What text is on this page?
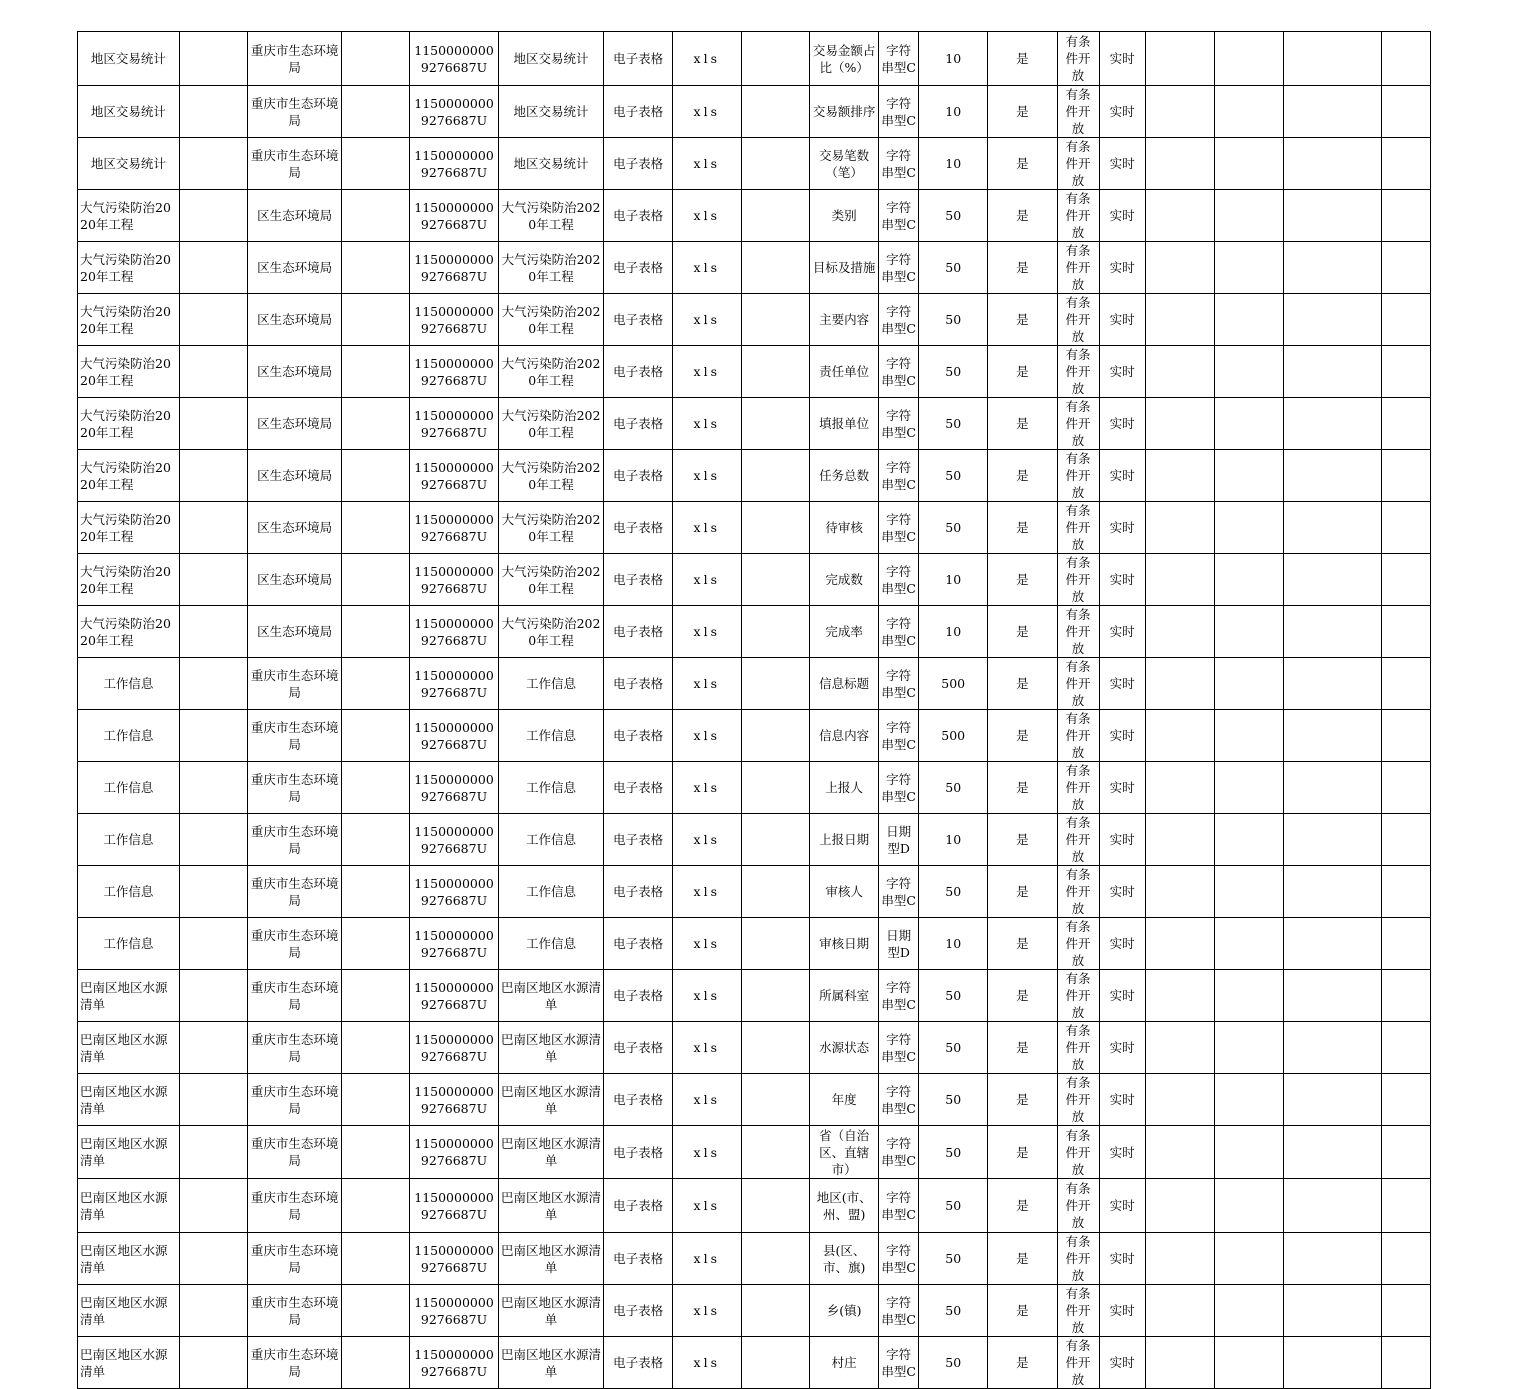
地区交易统计		重庆市生态环境局		11500000009276687U	地区交易统计	电子表格	xls		交易金额占比（%）	字符串型C	10	是	有条件开放	实时				
地区交易统计		重庆市生态环境局		11500000009276687U	地区交易统计	电子表格	xls		交易额排序	字符串型C	10	是	有条件开放	实时				
地区交易统计		重庆市生态环境局		11500000009276687U	地区交易统计	电子表格	xls		交易笔数（笔）	字符串型C	10	是	有条件开放	实时				
大气污染防治2020年工程		区生态环境局		11500000009276687U	大气污染防治2020年工程	电子表格	xls		类别	字符串型C	50	是	有条件开放	实时				
大气污染防治2020年工程		区生态环境局		11500000009276687U	大气污染防治2020年工程	电子表格	xls		目标及措施	字符串型C	50	是	有条件开放	实时				
大气污染防治2020年工程		区生态环境局		11500000009276687U	大气污染防治2020年工程	电子表格	xls		主要内容	字符串型C	50	是	有条件开放	实时				
大气污染防治2020年工程		区生态环境局		11500000009276687U	大气污染防治2020年工程	电子表格	xls		责任单位	字符串型C	50	是	有条件开放	实时				
大气污染防治2020年工程		区生态环境局		11500000009276687U	大气污染防治2020年工程	电子表格	xls		填报单位	字符串型C	50	是	有条件开放	实时				
大气污染防治2020年工程		区生态环境局		11500000009276687U	大气污染防治2020年工程	电子表格	xls		任务总数	字符串型C	50	是	有条件开放	实时				
大气污染防治2020年工程		区生态环境局		11500000009276687U	大气污染防治2020年工程	电子表格	xls		待审核	字符串型C	50	是	有条件开放	实时				
大气污染防治2020年工程		区生态环境局		11500000009276687U	大气污染防治2020年工程	电子表格	xls		完成数	字符串型C	10	是	有条件开放	实时				
大气污染防治2020年工程		区生态环境局		11500000009276687U	大气污染防治2020年工程	电子表格	xls		完成率	字符串型C	10	是	有条件开放	实时				
工作信息		重庆市生态环境局		11500000009276687U	工作信息	电子表格	xls		信息标题	字符串型C	500	是	有条件开放	实时				
工作信息		重庆市生态环境局		11500000009276687U	工作信息	电子表格	xls		信息内容	字符串型C	500	是	有条件开放	实时				
工作信息		重庆市生态环境局		11500000009276687U	工作信息	电子表格	xls		上报人	字符串型C	50	是	有条件开放	实时				
工作信息		重庆市生态环境局		11500000009276687U	工作信息	电子表格	xls		上报日期	日期型D	10	是	有条件开放	实时				
工作信息		重庆市生态环境局		11500000009276687U	工作信息	电子表格	xls		审核人	字符串型C	50	是	有条件开放	实时				
工作信息		重庆市生态环境局		11500000009276687U	工作信息	电子表格	xls		审核日期	日期型D	10	是	有条件开放	实时				
巴南区地区水源清单		重庆市生态环境局		11500000009276687U	巴南区地区水源清单	电子表格	xls		所属科室	字符串型C	50	是	有条件开放	实时				
巴南区地区水源清单		重庆市生态环境局		11500000009276687U	巴南区地区水源清单	电子表格	xls		水源状态	字符串型C	50	是	有条件开放	实时				
巴南区地区水源清单		重庆市生态环境局		11500000009276687U	巴南区地区水源清单	电子表格	xls		年度	字符串型C	50	是	有条件开放	实时				
巴南区地区水源清单		重庆市生态环境局		11500000009276687U	巴南区地区水源清单	电子表格	xls		省（自治区、直辖市）	字符串型C	50	是	有条件开放	实时				
巴南区地区水源清单		重庆市生态环境局		11500000009276687U	巴南区地区水源清单	电子表格	xls		地区(市、州、盟)	字符串型C	50	是	有条件开放	实时				
巴南区地区水源清单		重庆市生态环境局		11500000009276687U	巴南区地区水源清单	电子表格	xls		县(区、市、旗)	字符串型C	50	是	有条件开放	实时				
巴南区地区水源清单		重庆市生态环境局		11500000009276687U	巴南区地区水源清单	电子表格	xls		乡(镇)	字符串型C	50	是	有条件开放	实时				
巴南区地区水源清单		重庆市生态环境局		11500000009276687U	巴南区地区水源清单	电子表格	xls		村庄	字符串型C	50	是	有条件开放	实时				
